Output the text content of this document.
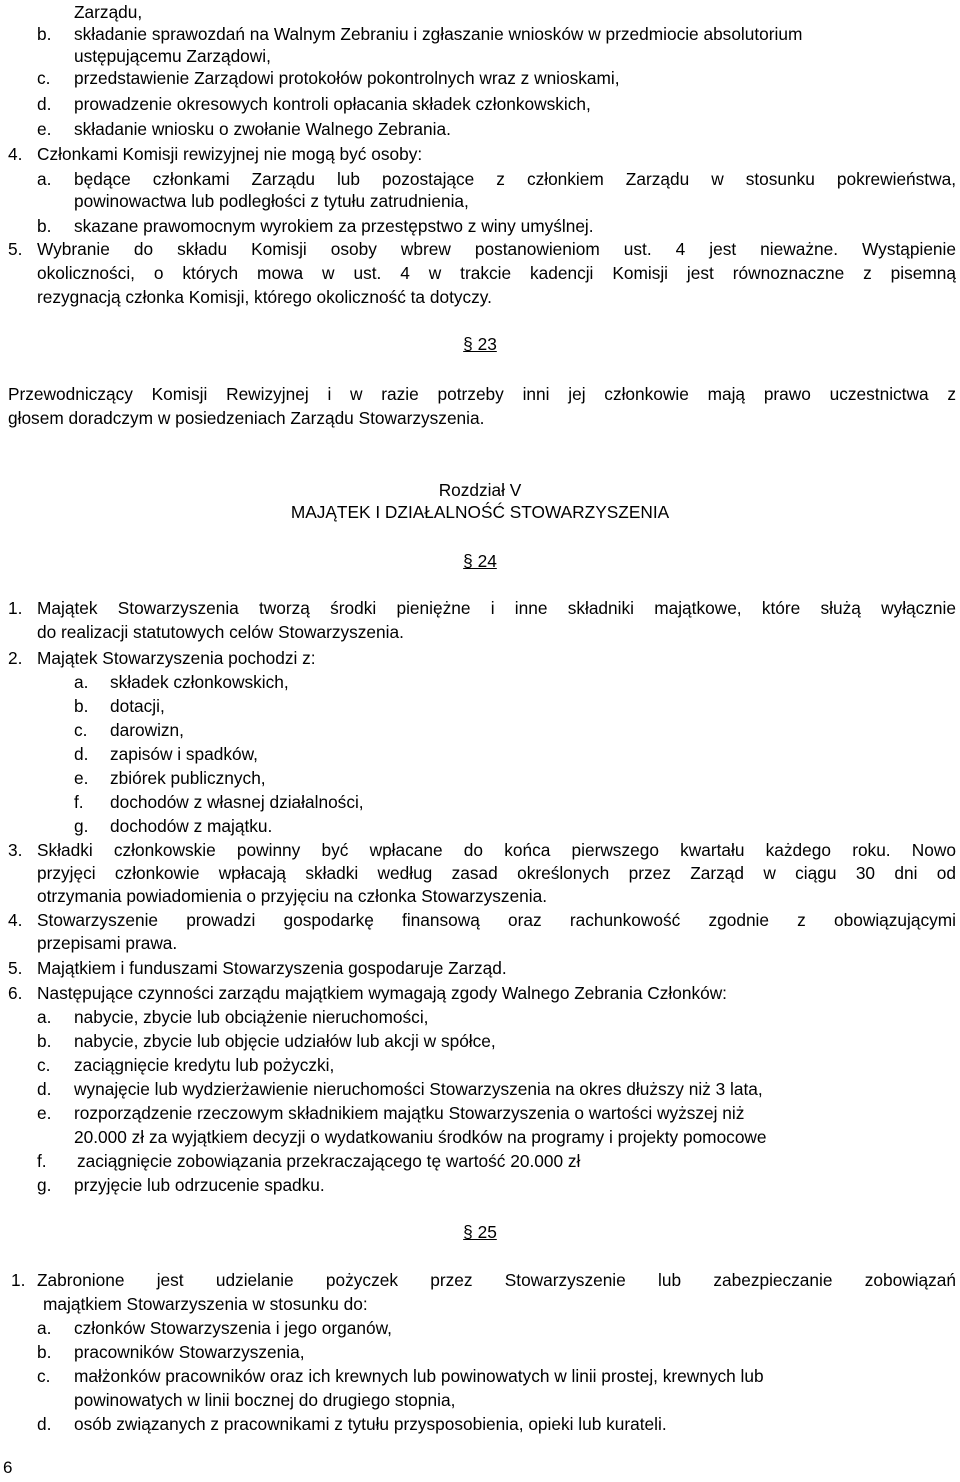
Zarządu,
b. składanie sprawozdań na Walnym Zebraniu i zgłaszanie wniosków w przedmiocie absolutorium
ustępującemu Zarządowi,
c. przedstawienie Zarządowi protokołów pokontrolnych wraz z wnioskami,
d. prowadzenie okresowych kontroli opłacania składek członkowskich,
e. składanie wniosku o zwołanie Walnego Zebrania.
4. Członkami Komisji rewizyjnej nie mogą być osoby:
a. będące członkami Zarządu lub pozostające z członkiem Zarządu w stosunku pokrewieństwa,
powinowactwa lub podległości z tytułu zatrudnienia,
b. skazane prawomocnym wyrokiem za przestępstwo z winy umyślnej.
5. Wybranie do składu Komisji osoby wbrew postanowieniom ust. 4 jest nieważne. Wystąpienie
okoliczności, o których mowa w ust. 4 w trakcie kadencji Komisji jest równoznaczne z pisemną
rezygnacją członka Komisji, którego okoliczność ta dotyczy.
§ 23
Przewodniczący Komisji Rewizyjnej i w razie potrzeby inni jej członkowie mają prawo uczestnictwa z
głosem doradczym w posiedzeniach Zarządu Stowarzyszenia.
Rozdział V
MAJĄTEK I DZIAŁALNOŚĆ STOWARZYSZENIA
§ 24
1. Majątek Stowarzyszenia tworzą środki pieniężne i inne składniki majątkowe, które służą wyłącznie
do realizacji statutowych celów Stowarzyszenia.
2. Majątek Stowarzyszenia pochodzi z:
a. składek członkowskich,
b. dotacji,
c. darowizn,
d. zapisów i spadków,
e. zbiórek publicznych,
f. dochodów z własnej działalności,
g. dochodów z majątku.
3. Składki członkowskie powinny być wpłacane do końca pierwszego kwartału każdego roku. Nowo
przyjęci członkowie wpłacają składki według zasad określonych przez Zarząd w ciągu 30 dni od
otrzymania powiadomienia o przyjęciu na członka Stowarzyszenia.
4. Stowarzyszenie prowadzi gospodarkę finansową oraz rachunkowość zgodnie z obowiązującymi
przepisami prawa.
5. Majątkiem i funduszami Stowarzyszenia gospodaruje Zarząd.
6. Następujące czynności zarządu majątkiem wymagają zgody Walnego Zebrania Członków:
a. nabycie, zbycie lub obciążenie nieruchomości,
b. nabycie, zbycie lub objęcie udziałów lub akcji w spółce,
c. zaciągnięcie kredytu lub pożyczki,
d. wynajęcie lub wydzierżawienie nieruchomości Stowarzyszenia na okres dłuższy niż 3 lata,
e. rozporządzenie rzeczowym składnikiem majątku Stowarzyszenia o wartości wyższej niż
20.000 zł za wyjątkiem decyzji o wydatkowaniu środków na programy i projekty pomocowe
f. zaciągnięcie zobowiązania przekraczającego tę wartość 20.000 zł
g. przyjęcie lub odrzucenie spadku.
§ 25
1. Zabronione jest udzielanie pożyczek przez Stowarzyszenie lub zabezpieczanie zobowiązań
majątkiem Stowarzyszenia w stosunku do:
a. członków Stowarzyszenia i jego organów,
b. pracowników Stowarzyszenia,
c. małżonków pracowników oraz ich krewnych lub powinowatych w linii prostej, krewnych lub
powinowatych w linii bocznej do drugiego stopnia,
d. osób związanych z pracownikami z tytułu przysposobienia, opieki lub kurateli.
6
